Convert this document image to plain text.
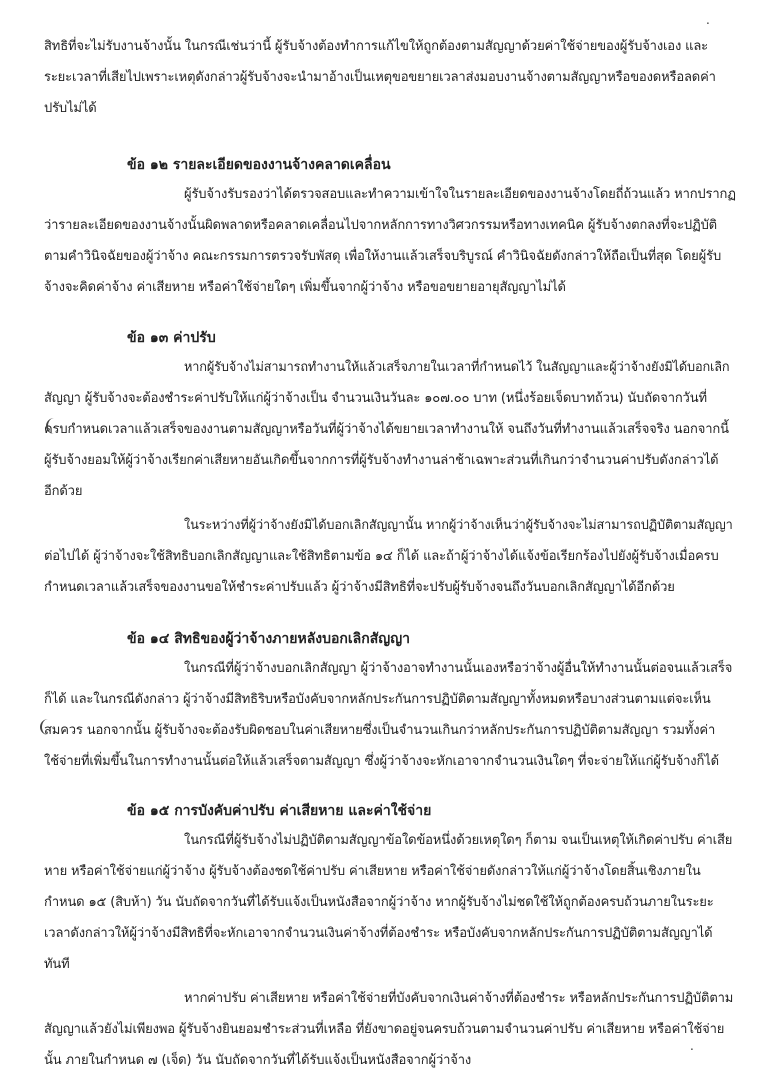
.
สิทธิที่จะไม่รับงานจ้างนั้น ในกรณีเช่นว่านี้ ผู้รับจ้างต้องทำการแก้ไขให้ถูกต้องตามสัญญาด้วยค่าใช้จ่ายของผู้รับจ้างเอง และ
ระยะเวลาที่เสียไปเพราะเหตุดังกล่าวผู้รับจ้างจะนำมาอ้างเป็นเหตุขอขยายเวลาส่งมอบงานจ้างตามสัญญาหรือของดหรือลดค่า
ปรับไม่ได้
ข้อ ๑๒ รายละเอียดของงานจ้างคลาดเคลื่อน
ผู้รับจ้างรับรองว่าได้ตรวจสอบและทำความเข้าใจในรายละเอียดของงานจ้างโดยถี่ถ้วนแล้ว หากปรากฏ
ว่ารายละเอียดของงานจ้างนั้นผิดพลาดหรือคลาดเคลื่อนไปจากหลักการทางวิศวกรรมหรือทางเทคนิค ผู้รับจ้างตกลงที่จะปฏิบัติ
ตามคำวินิจฉัยของผู้ว่าจ้าง คณะกรรมการตรวจรับพัสดุ เพื่อให้งานแล้วเสร็จบริบูรณ์ คำวินิจฉัยดังกล่าวให้ถือเป็นที่สุด โดยผู้รับ
จ้างจะคิดค่าจ้าง ค่าเสียหาย หรือค่าใช้จ่ายใดๆ เพิ่มขึ้นจากผู้ว่าจ้าง หรือขอขยายอายุสัญญาไม่ได้
ข้อ ๑๓ ค่าปรับ
หากผู้รับจ้างไม่สามารถทำงานให้แล้วเสร็จภายในเวลาที่กำหนดไว้ ในสัญญาและผู้ว่าจ้างยังมิได้บอกเลิก
สัญญา ผู้รับจ้างจะต้องชำระค่าปรับให้แก่ผู้ว่าจ้างเป็น จำนวนเงินวันละ ๑๐๗.๐๐ บาท (หนึ่งร้อยเจ็ดบาทถ้วน) นับถัดจากวันที่
ครบกำหนดเวลาแล้วเสร็จของงานตามสัญญาหรือวันที่ผู้ว่าจ้างได้ขยายเวลาทำงานให้ จนถึงวันที่ทำงานแล้วเสร็จจริง นอกจากนี้
ผู้รับจ้างยอมให้ผู้ว่าจ้างเรียกค่าเสียหายอันเกิดขึ้นจากการที่ผู้รับจ้างทำงานล่าช้าเฉพาะส่วนที่เกินกว่าจำนวนค่าปรับดังกล่าวได้
อีกด้วย
ในระหว่างที่ผู้ว่าจ้างยังมิได้บอกเลิกสัญญานั้น หากผู้ว่าจ้างเห็นว่าผู้รับจ้างจะไม่สามารถปฏิบัติตามสัญญา
ต่อไปได้ ผู้ว่าจ้างจะใช้สิทธิบอกเลิกสัญญาและใช้สิทธิตามข้อ ๑๔ ก็ได้ และถ้าผู้ว่าจ้างได้แจ้งข้อเรียกร้องไปยังผู้รับจ้างเมื่อครบ
กำหนดเวลาแล้วเสร็จของงานขอให้ชำระค่าปรับแล้ว ผู้ว่าจ้างมีสิทธิที่จะปรับผู้รับจ้างจนถึงวันบอกเลิกสัญญาได้อีกด้วย
ข้อ ๑๔ สิทธิของผู้ว่าจ้างภายหลังบอกเลิกสัญญา
ในกรณีที่ผู้ว่าจ้างบอกเลิกสัญญา ผู้ว่าจ้างอาจทำงานนั้นเองหรือว่าจ้างผู้อื่นให้ทำงานนั้นต่อจนแล้วเสร็จ
ก็ได้ และในกรณีดังกล่าว ผู้ว่าจ้างมีสิทธิริบหรือบังคับจากหลักประกันการปฏิบัติตามสัญญาทั้งหมดหรือบางส่วนตามแต่จะเห็น
สมควร นอกจากนั้น ผู้รับจ้างจะต้องรับผิดชอบในค่าเสียหายซึ่งเป็นจำนวนเกินกว่าหลักประกันการปฏิบัติตามสัญญา รวมทั้งค่า
ใช้จ่ายที่เพิ่มขึ้นในการทำงานนั้นต่อให้แล้วเสร็จตามสัญญา ซึ่งผู้ว่าจ้างจะหักเอาจากจำนวนเงินใดๆ ที่จะจ่ายให้แก่ผู้รับจ้างก็ได้
ข้อ ๑๕ การบังคับค่าปรับ ค่าเสียหาย และค่าใช้จ่าย
ในกรณีที่ผู้รับจ้างไม่ปฏิบัติตามสัญญาข้อใดข้อหนึ่งด้วยเหตุใดๆ ก็ตาม จนเป็นเหตุให้เกิดค่าปรับ ค่าเสีย
หาย หรือค่าใช้จ่ายแก่ผู้ว่าจ้าง ผู้รับจ้างต้องชดใช้ค่าปรับ ค่าเสียหาย หรือค่าใช้จ่ายดังกล่าวให้แก่ผู้ว่าจ้างโดยสิ้นเชิงภายใน
กำหนด ๑๕ (สิบห้า) วัน นับถัดจากวันที่ได้รับแจ้งเป็นหนังสือจากผู้ว่าจ้าง หากผู้รับจ้างไม่ชดใช้ให้ถูกต้องครบถ้วนภายในระยะ
เวลาดังกล่าวให้ผู้ว่าจ้างมีสิทธิที่จะหักเอาจากจำนวนเงินค่าจ้างที่ต้องชำระ หรือบังคับจากหลักประกันการปฏิบัติตามสัญญาได้
ทันที
หากค่าปรับ ค่าเสียหาย หรือค่าใช้จ่ายที่บังคับจากเงินค่าจ้างที่ต้องชำระ หรือหลักประกันการปฏิบัติตาม
สัญญาแล้วยังไม่เพียงพอ ผู้รับจ้างยินยอมชำระส่วนที่เหลือ ที่ยังขาดอยู่จนครบถ้วนตามจำนวนค่าปรับ ค่าเสียหาย หรือค่าใช้จ่าย
นั้น ภายในกำหนด ๗ (เจ็ด) วัน นับถัดจากวันที่ได้รับแจ้งเป็นหนังสือจากผู้ว่าจ้าง
.
